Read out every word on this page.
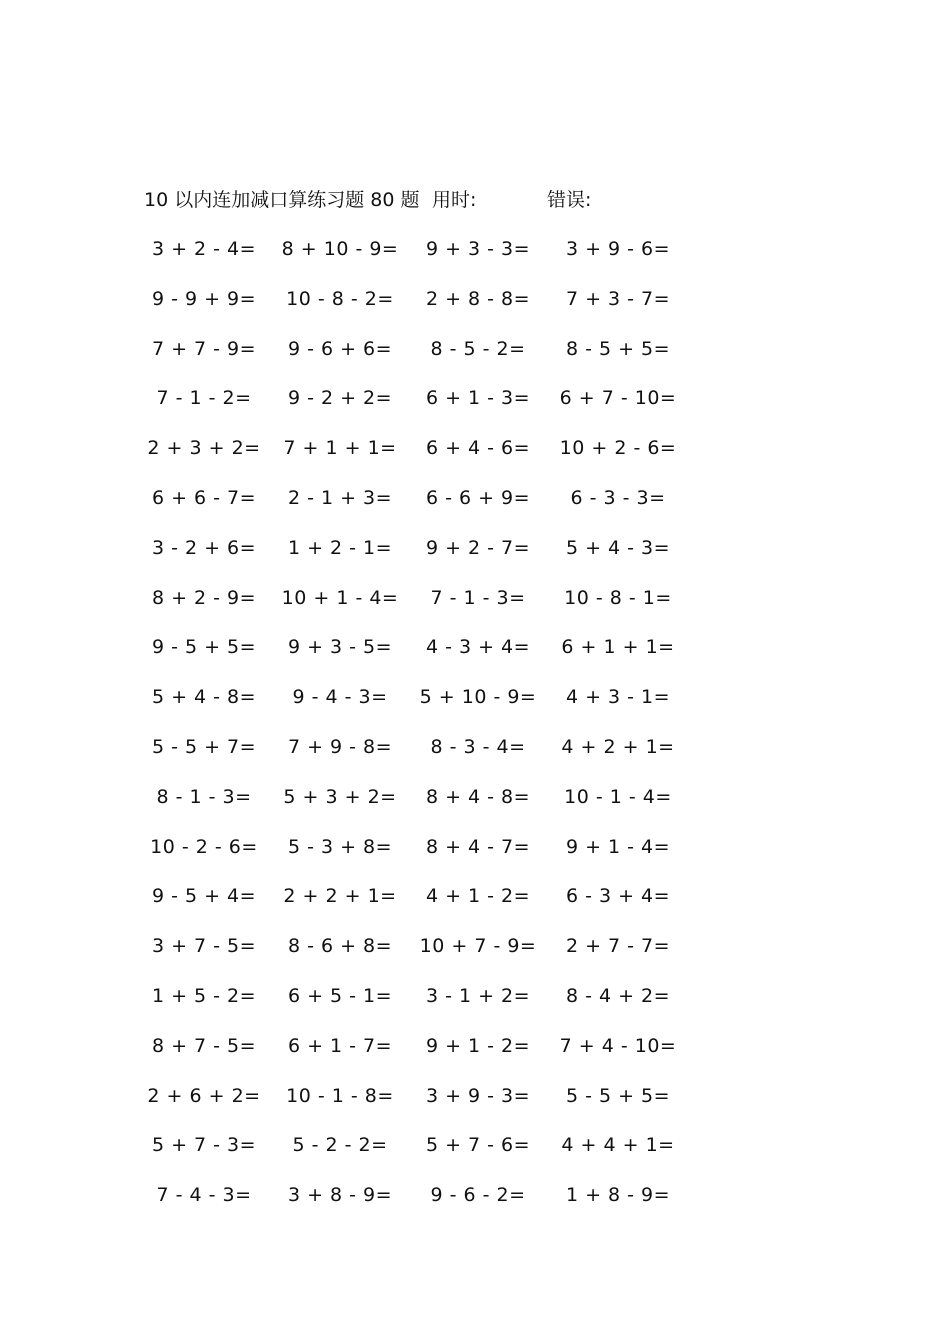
10 以内连加减口算练习题 80 题 用时:	错误:
3 + 2 - 4=	8 + 10 - 9=	9 + 3 - 3=	3 + 9 - 6=
9 - 9 + 9=	10 - 8 - 2=	2 + 8 - 8=	7 + 3 - 7=
7 + 7 - 9=	9 - 6 + 6=	8 - 5 - 2=	8 - 5 + 5=
7 - 1 - 2=	9 - 2 + 2=	6 + 1 - 3=	6 + 7 - 10=
2 + 3 + 2=	7 + 1 + 1=	6 + 4 - 6=	10 + 2 - 6=
6 + 6 - 7=	2 - 1 + 3=	6 - 6 + 9=	6 - 3 - 3=
3 - 2 + 6=	1 + 2 - 1=	9 + 2 - 7=	5 + 4 - 3=
8 + 2 - 9=	10 + 1 - 4=	7 - 1 - 3=	10 - 8 - 1=
9 - 5 + 5=	9 + 3 - 5=	4 - 3 + 4=	6 + 1 + 1=
5 + 4 - 8=	9 - 4 - 3=	5 + 10 - 9=	4 + 3 - 1=
5 - 5 + 7=	7 + 9 - 8=	8 - 3 - 4=	4 + 2 + 1=
8 - 1 - 3=	5 + 3 + 2=	8 + 4 - 8=	10 - 1 - 4=
10 - 2 - 6=	5 - 3 + 8=	8 + 4 - 7=	9 + 1 - 4=
9 - 5 + 4=	2 + 2 + 1=	4 + 1 - 2=	6 - 3 + 4=
3 + 7 - 5=	8 - 6 + 8=	10 + 7 - 9=	2 + 7 - 7=
1 + 5 - 2=	6 + 5 - 1=	3 - 1 + 2=	8 - 4 + 2=
8 + 7 - 5=	6 + 1 - 7=	9 + 1 - 2=	7 + 4 - 10=
2 + 6 + 2=	10 - 1 - 8=	3 + 9 - 3=	5 - 5 + 5=
5 + 7 - 3=	5 - 2 - 2=	5 + 7 - 6=	4 + 4 + 1=
7 - 4 - 3=	3 + 8 - 9=	9 - 6 - 2=	1 + 8 - 9=
